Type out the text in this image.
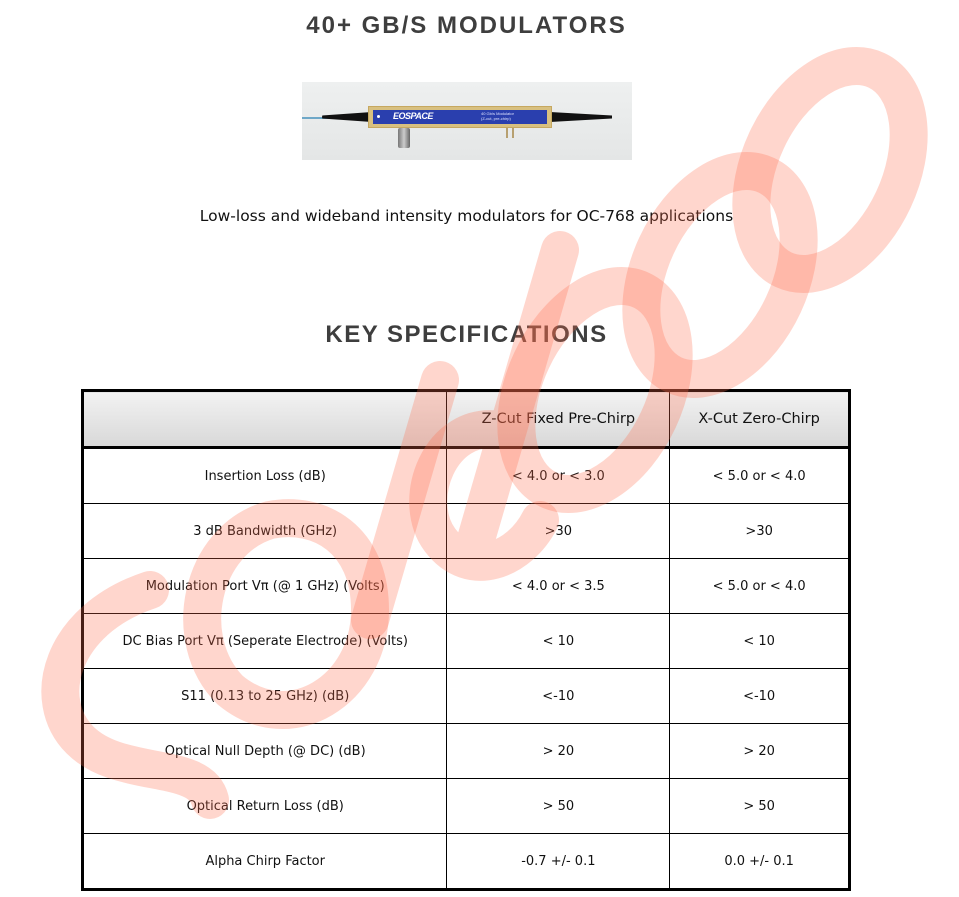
40+ GB/S MODULATORS
EOSPACE	40 Gb/s Modulator
(Z-cut, pre-chirp)
Low-loss and wideband intensity modulators for OC-768 applications
KEY SPECIFICATIONS
	Z-Cut Fixed Pre-Chirp	X-Cut Zero-Chirp
Insertion Loss (dB)	< 4.0 or < 3.0	< 5.0 or < 4.0
3 dB Bandwidth (GHz)	>30	>30
Modulation Port Vπ (@ 1 GHz) (Volts)	< 4.0 or < 3.5	< 5.0 or < 4.0
DC Bias Port Vπ (Seperate Electrode) (Volts)	< 10	< 10
S11 (0.13 to 25 GHz) (dB)	<-10	<-10
Optical Null Depth (@ DC) (dB)	> 20	> 20
Optical Return Loss (dB)	> 50	> 50
Alpha Chirp Factor	-0.7 +/- 0.1	0.0 +/- 0.1
